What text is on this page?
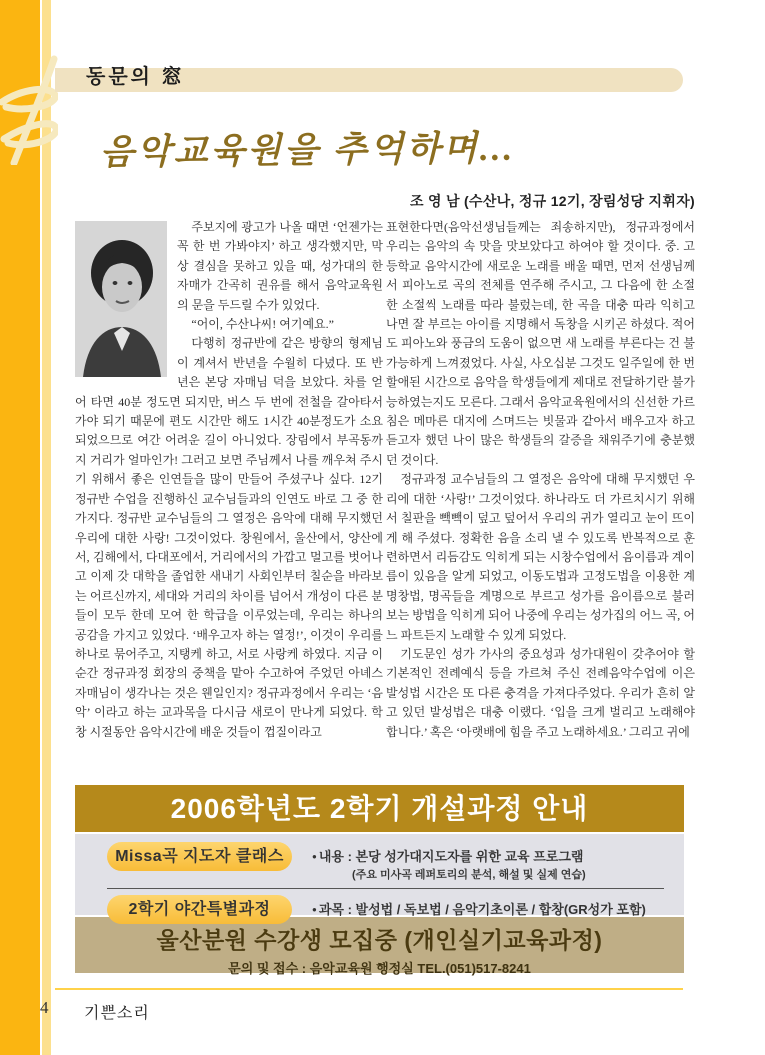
동문의 窓
음악교육원을 추억하며...
조 영 남 (수산나, 정규 12기, 장림성당 지휘자)

주보지에 광고가 나올 때면 ‘언젠가는 꼭 한 번 가봐야지’ 하고 생각했지만, 막상 결심을 못하고 있을 때, 성가대의 한 자매가 간곡히 권유를 해서 음악교육원의 문을 두드릴 수가 있었다.

“어이, 수산나씨! 여기예요.”

다행히 정규반에 같은 방향의 형제님이 계셔서 반년을 수월히 다녔다. 또 반년은 본당 자매님 덕을 보았다. 차를 얻어 타면 40분 정도면 되지만, 버스 두 번에 전철을 갈아타서 가야 되기 때문에 편도 시간만 해도 1시간 40분정도가 소요되었으므로 여간 어려운 길이 아니었다. 장림에서 부곡동까지 거리가 얼마인가! 그러고 보면 주님께서 나를 깨우쳐 주시기 위해서 좋은 인연들을 많이 만들어 주셨구나 싶다. 12기 정규반 수업을 진행하신 교수님들과의 인연도 바로 그 중 한가지다. 정규반 교수님들의 그 열정은 음악에 대해 무지했던 우리에 대한 사랑! 그것이었다. 창원에서, 울산에서, 양산에서, 김해에서, 다대포에서, 거리에서의 가깝고 멀고를 벗어나고 이제 갓 대학을 졸업한 새내기 사회인부터 칠순을 바라보는 어르신까지, 세대와 거리의 차이를 넘어서 개성이 다른 분들이 모두 한데 모여 한 학급을 이루었는데, 우리는 하나의 공감을 가지고 있었다. ‘배우고자 하는 열정!’, 이것이 우리를 하나로 묶어주고, 지탱케 하고, 서로 사랑케 하였다. 지금 이 순간 정규과정 회장의 중책을 맡아 수고하여 주었던 아녜스 자매님이 생각나는 것은 웬일인지? 정규과정에서 우리는 ‘음악’ 이라고 하는 교과목을 다시금 새로이 만나게 되었다. 학창 시절동안 음악시간에 배운 것들이 껍질이라고

표현한다면(음악선생님들께는 죄송하지만), 정규과정에서 우리는 음악의 속 맛을 맛보았다고 하여야 할 것이다. 중. 고등학교 음악시간에 새로운 노래를 배울 때면, 먼저 선생님께서 피아노로 곡의 전체를 연주해 주시고, 그 다음에 한 소절 한 소절씩 노래를 따라 불렀는데, 한 곡을 대충 따라 익히고 나면 잘 부르는 아이를 지명해서 독창을 시키곤 하셨다. 적어도 피아노와 풍금의 도움이 없으면 새 노래를 부른다는 건 불가능하게 느껴졌었다. 사실, 사오십분 그것도 일주일에 한 번 할애된 시간으로 음악을 학생들에게 제대로 전달하기란 불가능하였는지도 모른다. 그래서 음악교육원에서의 신선한 가르침은 메마른 대지에 스며드는 빗물과 같아서 배우고자 하고 듣고자 했던 나이 많은 학생들의 갈증을 채워주기에 충분했던 것이다.

정규과정 교수님들의 그 열정은 음악에 대해 무지했던 우리에 대한 ‘사랑!’ 그것이었다. 하나라도 더 가르치시기 위해서 칠판을 빽빽이 덮고 덮어서 우리의 귀가 열리고 눈이 뜨이게 해 주셨다. 정확한 음을 소리 낼 수 있도록 반복적으로 훈련하면서 리듬감도 익히게 되는 시창수업에서 음이름과 계이름이 있음을 알게 되었고, 이동도법과 고정도법을 이용한 계명창법, 명곡들을 계명으로 부르고 성가를 음이름으로 불러보는 방법을 익히게 되어 나중에 우리는 성가집의 어느 곡, 어느 파트든지 노래할 수 있게 되었다.

기도문인 성가 가사의 중요성과 성가대원이 갖추어야 할 기본적인 전례예식 등을 가르쳐 주신 전례음악수업에 이은 발성법 시간은 또 다른 충격을 가져다주었다. 우리가 흔히 알고 있던 발성법은 대충 이랬다. ‘입을 크게 벌리고 노래해야 합니다.’ 혹은 ‘아랫배에 힘을 주고 노래하세요.’ 그리고 귀에

2006학년도 2학기 개설과정 안내
Missa곡 지도자 클래스	● 내용 : 본당 성가대지도자를 위한 교육 프로그램
(주요 미사곡 레퍼토리의 분석, 해설 및 실제 연습)
2학기 야간특별과정	● 과목 : 발성법 / 독보법 / 음악기초이론 / 합창(GR성가 포함)
울산분원 수강생 모집중 (개인실기교육과정)
문의 및 접수 : 음악교육원 행정실 TEL.(051)517-8241
4 기쁜소리
